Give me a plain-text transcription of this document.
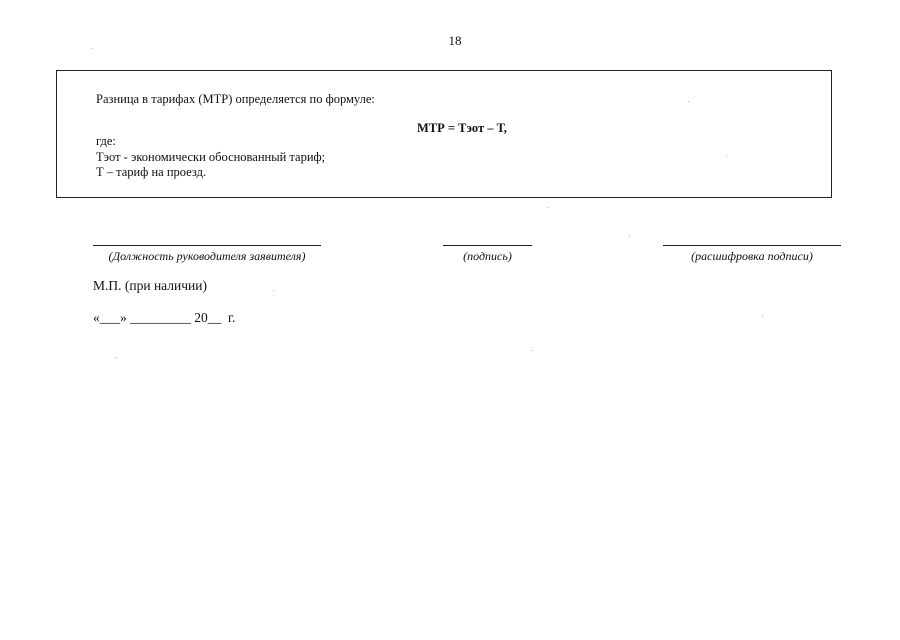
18
Разница в тарифах (МТР) определяется по формуле:
МТР = Тэот – Т,
где:
Тэот - экономически обоснованный тариф;
Т – тариф на проезд.
(Должность руководителя заявителя)	(подпись)	(расшифровка подписи)
М.П. (при наличии)
«___» _________ 20__  г.
